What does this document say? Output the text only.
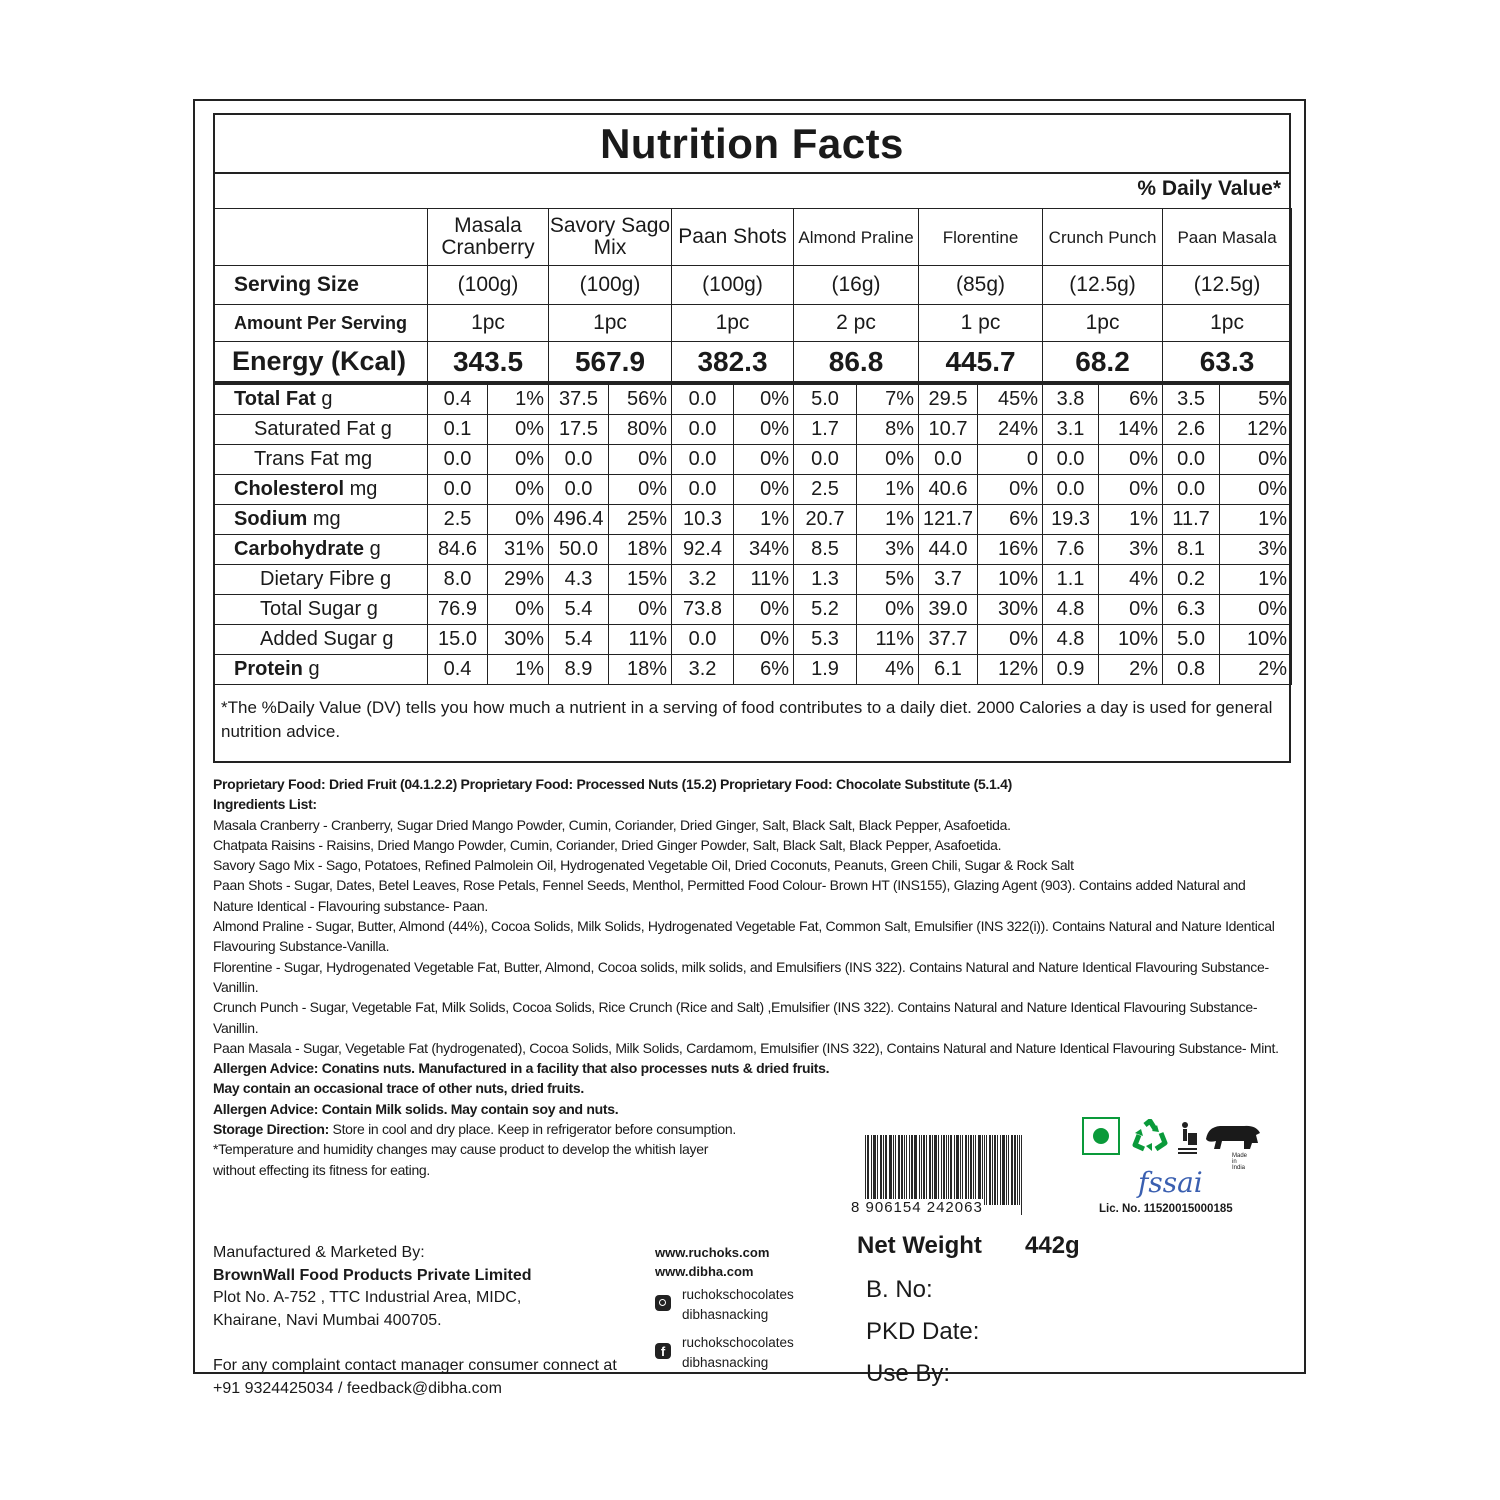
Nutrition Facts
% Daily Value*
	Masala Cranberry		Savory Sago Mix		Paan Shots		Almond Praline		Florentine		Crunch Punch		Paan Masala	
Serving Size	(100g)		(100g)		(100g)		(16g)		(85g)		(12.5g)		(12.5g)	
Amount Per Serving	1pc		1pc		1pc		2 pc		1 pc		1pc		1pc	
Energy (Kcal)	343.5		567.9		382.3		86.8		445.7		68.2		63.3	
Total Fat g	0.4	1%	37.5	56%	0.0	0%	5.0	7%	29.5	45%	3.8	6%	3.5	5%
Saturated Fat g	0.1	0%	17.5	80%	0.0	0%	1.7	8%	10.7	24%	3.1	14%	2.6	12%
Trans Fat mg	0.0	0%	0.0	0%	0.0	0%	0.0	0%	0.0	0	0.0	0%	0.0	0%
Cholesterol mg	0.0	0%	0.0	0%	0.0	0%	2.5	1%	40.6	0%	0.0	0%	0.0	0%
Sodium mg	2.5	0%	496.4	25%	10.3	1%	20.7	1%	121.7	6%	19.3	1%	11.7	1%
Carbohydrate g	84.6	31%	50.0	18%	92.4	34%	8.5	3%	44.0	16%	7.6	3%	8.1	3%
Dietary Fibre g	8.0	29%	4.3	15%	3.2	11%	1.3	5%	3.7	10%	1.1	4%	0.2	1%
Total Sugar g	76.9	0%	5.4	0%	73.8	0%	5.2	0%	39.0	30%	4.8	0%	6.3	0%
Added Sugar g	15.0	30%	5.4	11%	0.0	0%	5.3	11%	37.7	0%	4.8	10%	5.0	10%
Protein g	0.4	1%	8.9	18%	3.2	6%	1.9	4%	6.1	12%	0.9	2%	0.8	2%
*The %Daily Value (DV) tells you how much a nutrient in a serving of food contributes to a daily diet. 2000 Calories a day is used for general nutrition advice.

Proprietary Food: Dried Fruit (04.1.2.2) Proprietary Food: Processed Nuts (15.2) Proprietary Food: Chocolate Substitute (5.1.4)

Ingredients List:

Masala Cranberry - Cranberry, Sugar Dried Mango Powder, Cumin, Coriander, Dried Ginger, Salt, Black Salt, Black Pepper, Asafoetida.

Chatpata Raisins - Raisins, Dried Mango Powder, Cumin, Coriander, Dried Ginger Powder, Salt, Black Salt, Black Pepper, Asafoetida.

Savory Sago Mix - Sago, Potatoes, Refined Palmolein Oil, Hydrogenated Vegetable Oil, Dried Coconuts, Peanuts, Green Chili, Sugar & Rock Salt

Paan Shots - Sugar, Dates, Betel Leaves, Rose Petals, Fennel Seeds, Menthol, Permitted Food Colour- Brown HT (INS155), Glazing Agent (903). Contains added Natural and Nature Identical - Flavouring substance- Paan.

Almond Praline - Sugar, Butter, Almond (44%), Cocoa Solids, Milk Solids, Hydrogenated Vegetable Fat, Common Salt, Emulsifier (INS 322(i)). Contains Natural and Nature Identical Flavouring Substance-Vanilla.

Florentine - Sugar, Hydrogenated Vegetable Fat, Butter, Almond, Cocoa solids, milk solids, and Emulsifiers (INS 322). Contains Natural and Nature Identical Flavouring Substance- Vanillin.

Crunch Punch - Sugar, Vegetable Fat, Milk Solids, Cocoa Solids, Rice Crunch (Rice and Salt) ,Emulsifier (INS 322). Contains Natural and Nature Identical Flavouring Substance- Vanillin.

Paan Masala - Sugar, Vegetable Fat (hydrogenated), Cocoa Solids, Milk Solids, Cardamom, Emulsifier (INS 322), Contains Natural and Nature Identical Flavouring Substance- Mint.

Allergen Advice: Conatins nuts. Manufactured in a facility that also processes nuts & dried fruits.

May contain an occasional trace of other nuts, dried fruits.

Allergen Advice: Contain Milk solids. May contain soy and nuts.

Storage Direction: Store in cool and dry place. Keep in refrigerator before consumption.

*Temperature and humidity changes may cause product to develop the whitish layer

without effecting its fitness for eating.

Manufactured & Marketed By:

BrownWall Food Products Private Limited

Plot No. A-752 , TTC Industrial Area, MIDC,

Khairane, Navi Mumbai 400705.

For any complaint contact manager consumer connect at

+91 9324425034 / feedback@dibha.com

www.ruchoks.com
www.dibha.com
ruchokschocolates
dibhasnacking
f
ruchokschocolates
dibhasnacking
8 906154 242063
Net Weight 442g
B. No:
PKD Date:
Use By:
Made in India
fssai
Lic. No. 11520015000185
